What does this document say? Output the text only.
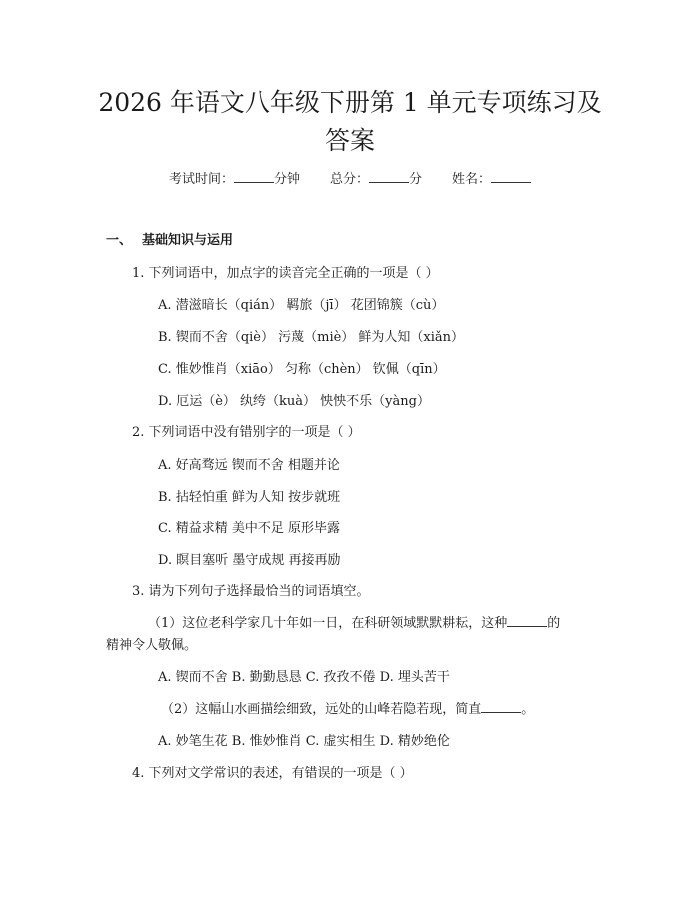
2026 年语文八年级下册第 1 单元专项练习及答案
考试时间：	分钟 总分：	分 姓名：
一、 基础知识与运用
1. 下列词语中，加点字的读音完全正确的一项是（ ）
A. 潜滋暗长（qián） 羁旅（jī） 花团锦簇（cù）
B. 锲而不舍（qiè） 污蔑（miè） 鲜为人知（xiǎn）
C. 惟妙惟肖（xiāo） 匀称（chèn） 钦佩（qīn）
D. 厄运（è） 纨绔（kuà） 怏怏不乐（yàng）
2. 下列词语中没有错别字的一项是（ ）
A. 好高骛远 锲而不舍 相题并论
B. 拈轻怕重 鲜为人知 按步就班
C. 精益求精 美中不足 原形毕露
D. 瞑目塞听 墨守成规 再接再励
3. 请为下列句子选择最恰当的词语填空。
（1）这位老科学家几十年如一日，在科研领域默默耕耘，这种	的
精神令人敬佩。
A. 锲而不舍 B. 勤勤恳恳 C. 孜孜不倦 D. 埋头苦干
（2）这幅山水画描绘细致，远处的山峰若隐若现，简直	。
A. 妙笔生花 B. 惟妙惟肖 C. 虚实相生 D. 精妙绝伦
4. 下列对文学常识的表述，有错误的一项是（ ）
